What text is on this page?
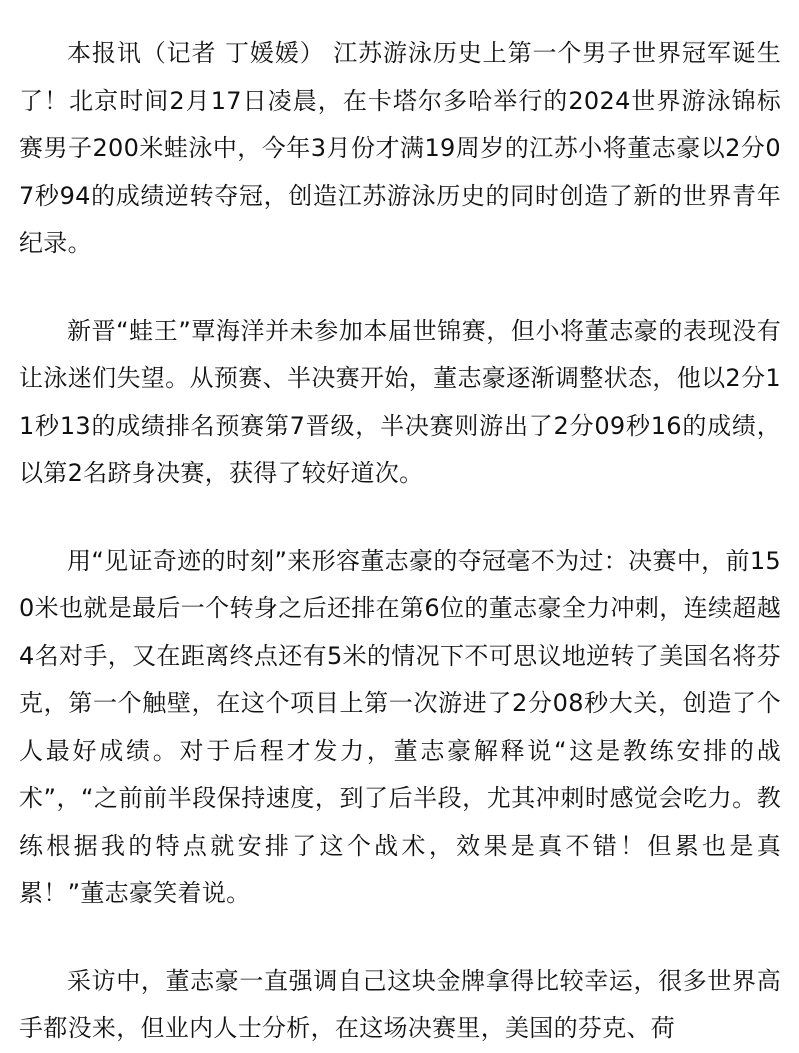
本报讯（记者 丁媛媛） 江苏游泳历史上第一个男子世界冠军诞生了！北京时间2月17日凌晨，在卡塔尔多哈举行的2024世界游泳锦标赛男子200米蛙泳中，今年3月份才满19周岁的江苏小将董志豪以2分07秒94的成绩逆转夺冠，创造江苏游泳历史的同时创造了新的世界青年纪录。

新晋“蛙王”覃海洋并未参加本届世锦赛，但小将董志豪的表现没有让泳迷们失望。从预赛、半决赛开始，董志豪逐渐调整状态，他以2分11秒13的成绩排名预赛第7晋级，半决赛则游出了2分09秒16的成绩，以第2名跻身决赛，获得了较好道次。

用“见证奇迹的时刻”来形容董志豪的夺冠毫不为过：决赛中，前150米也就是最后一个转身之后还排在第6位的董志豪全力冲刺，连续超越4名对手，又在距离终点还有5米的情况下不可思议地逆转了美国名将芬克，第一个触壁，在这个项目上第一次游进了2分08秒大关，创造了个人最好成绩。对于后程才发力，董志豪解释说“这是教练安排的战术”，“之前前半段保持速度，到了后半段，尤其冲刺时感觉会吃力。教练根据我的特点就安排了这个战术，效果是真不错！但累也是真累！”董志豪笑着说。

采访中，董志豪一直强调自己这块金牌拿得比较幸运，很多世界高手都没来，但业内人士分析，在这场决赛里，美国的芬克、荷
